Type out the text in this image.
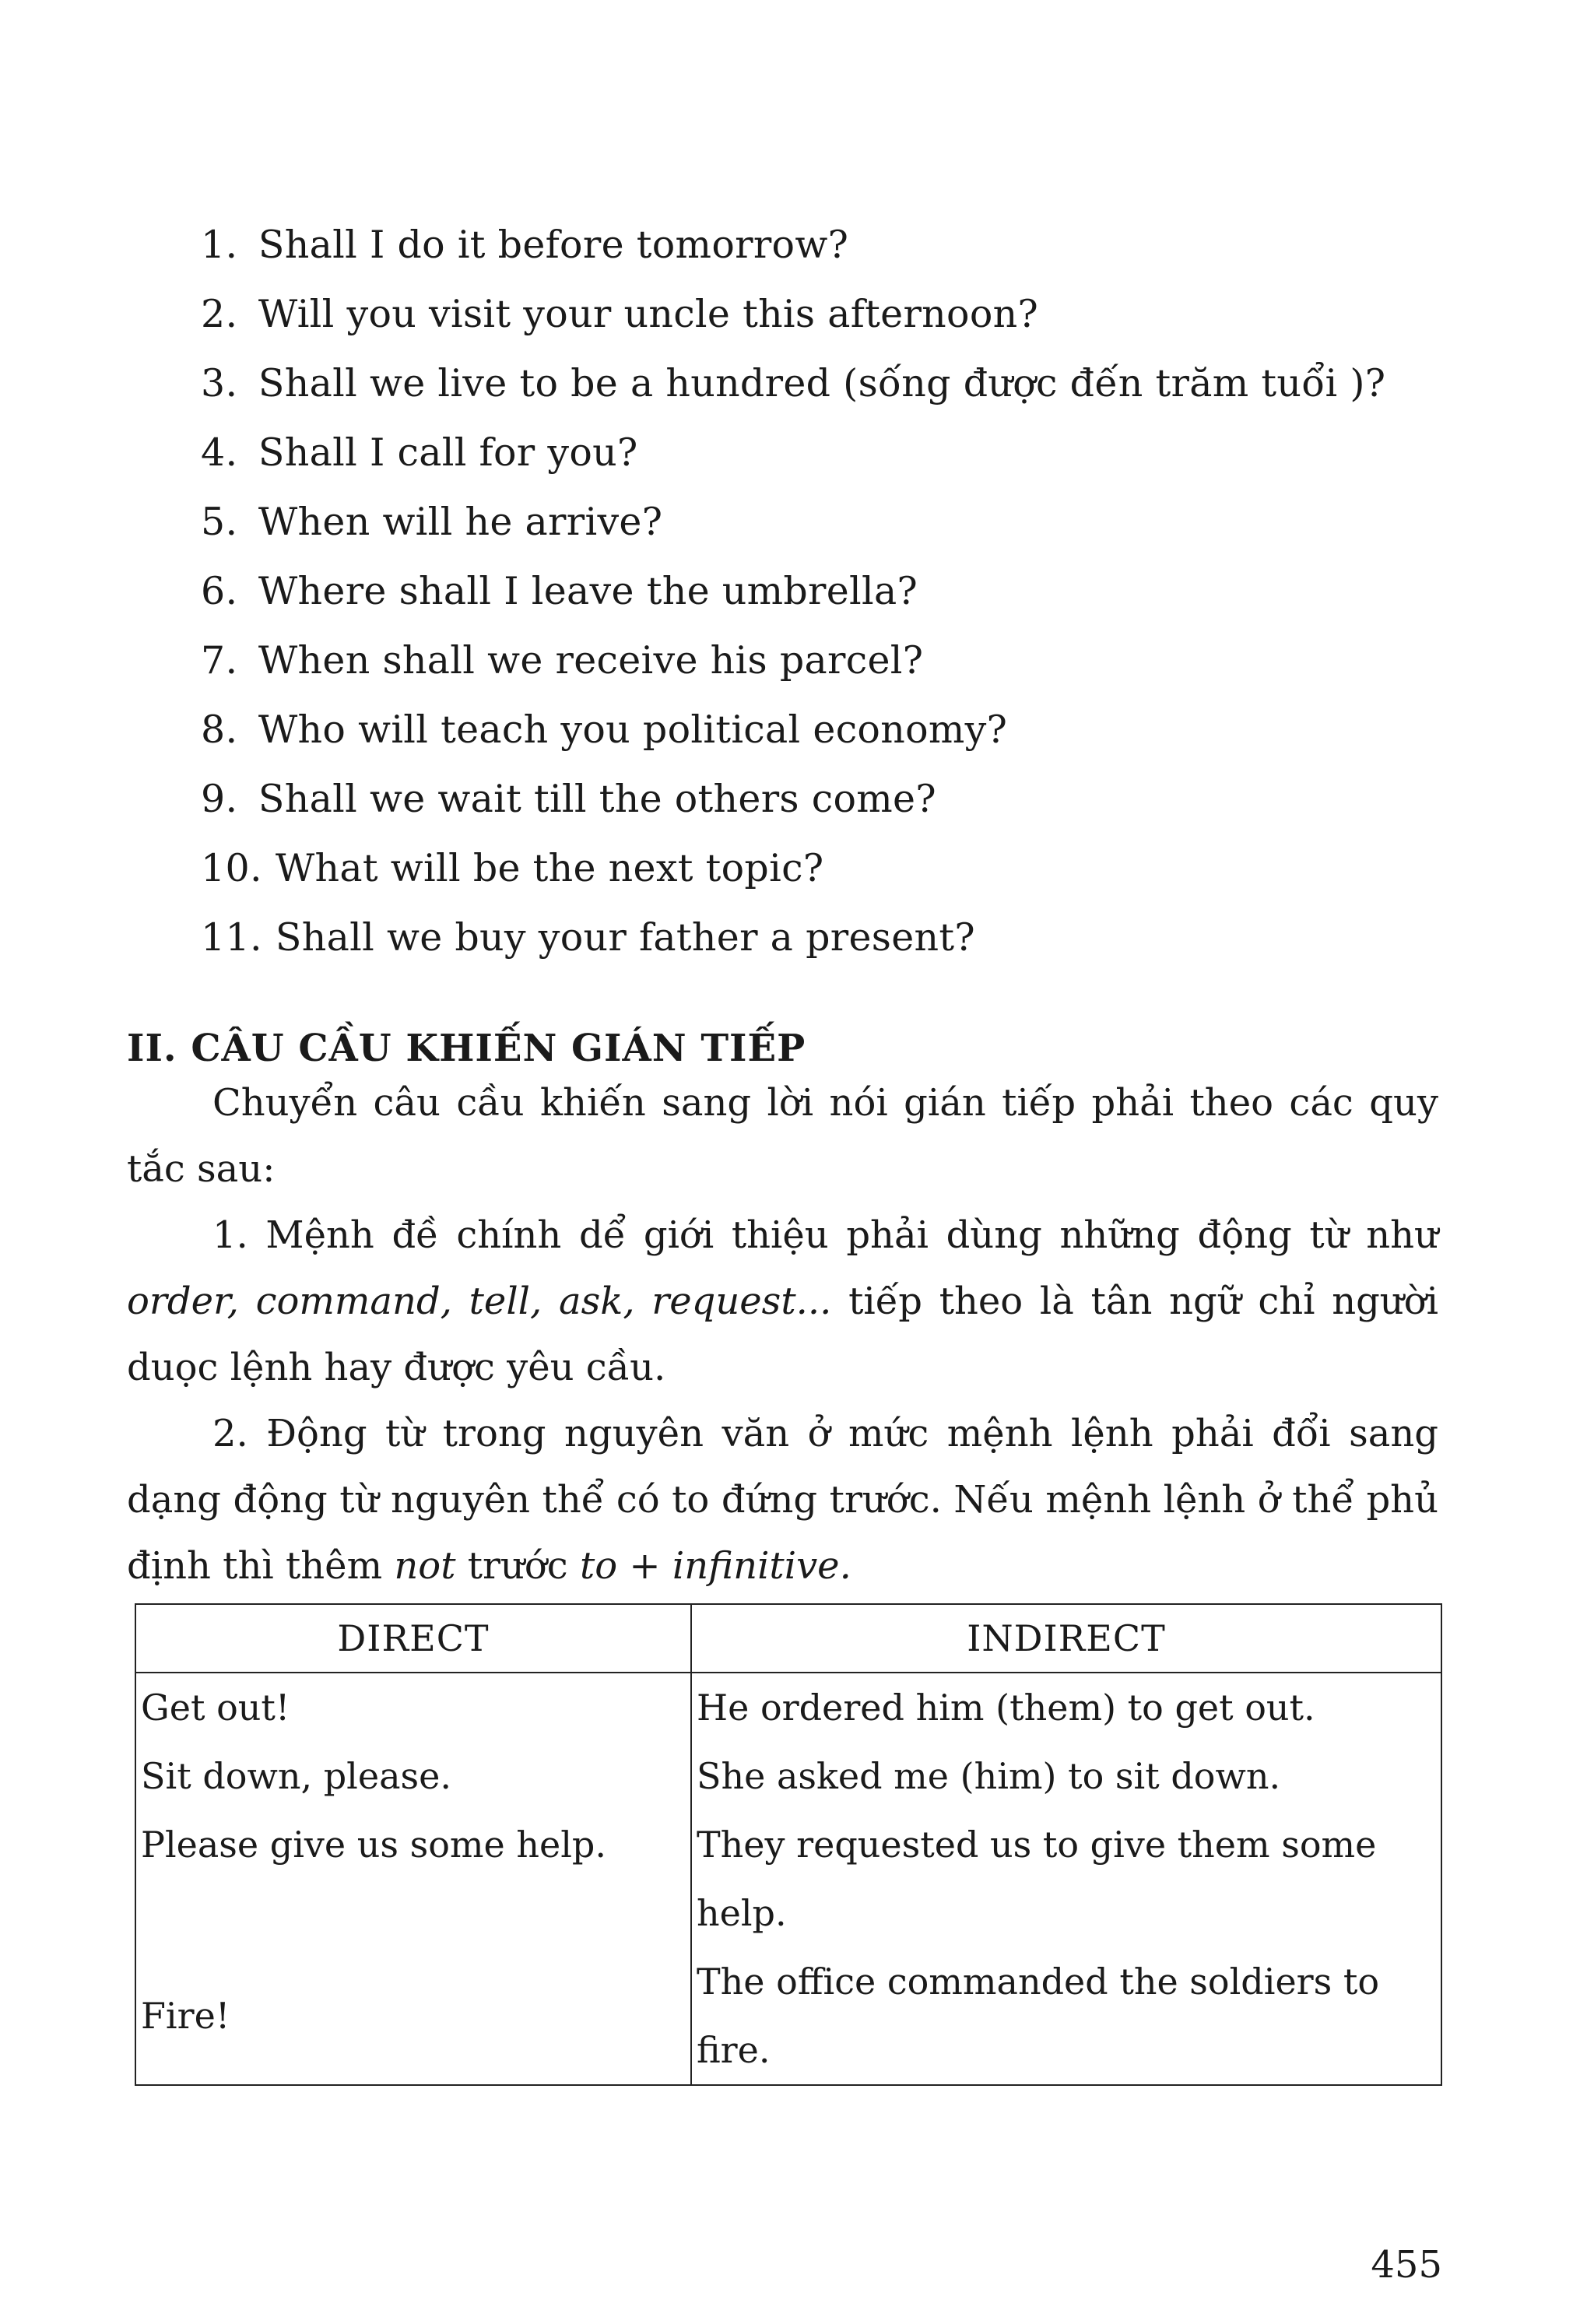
1. Shall I do it before tomorrow?
2. Will you visit your uncle this afternoon?
3. Shall we live to be a hundred (sống được đến trăm tuổi )?
4. Shall I call for you?
5. When will he arrive?
6. Where shall I leave the umbrella?
7. When shall we receive his parcel?
8. Who will teach you political economy?
9. Shall we wait till the others come?
10. What will be the next topic?
11. Shall we buy your father a present?
II. CÂU CẦU KHIẾN GIÁN TIẾP

Chuyển câu cầu khiến sang lời nói gián tiếp phải theo các quy tắc sau:

1. Mệnh đề chính dể giới thiệu phải dùng những động từ như order, command, tell, ask, request... tiếp theo là tân ngữ chỉ người duọc lệnh hay được yêu cầu.

2. Động từ trong nguyên văn ở mức mệnh lệnh phải đổi sang dạng động từ nguyên thể có to đứng trước. Nếu mệnh lệnh ở thể phủ định thì thêm not trước to + infinitive.

DIRECT	INDIRECT
Get out!	He ordered him (them) to get out.
Sit down, please.	She asked me (him) to sit down.
Please give us some help.	They requested us to give them some help.
Fire!	The office commanded the soldiers to fire.
455
